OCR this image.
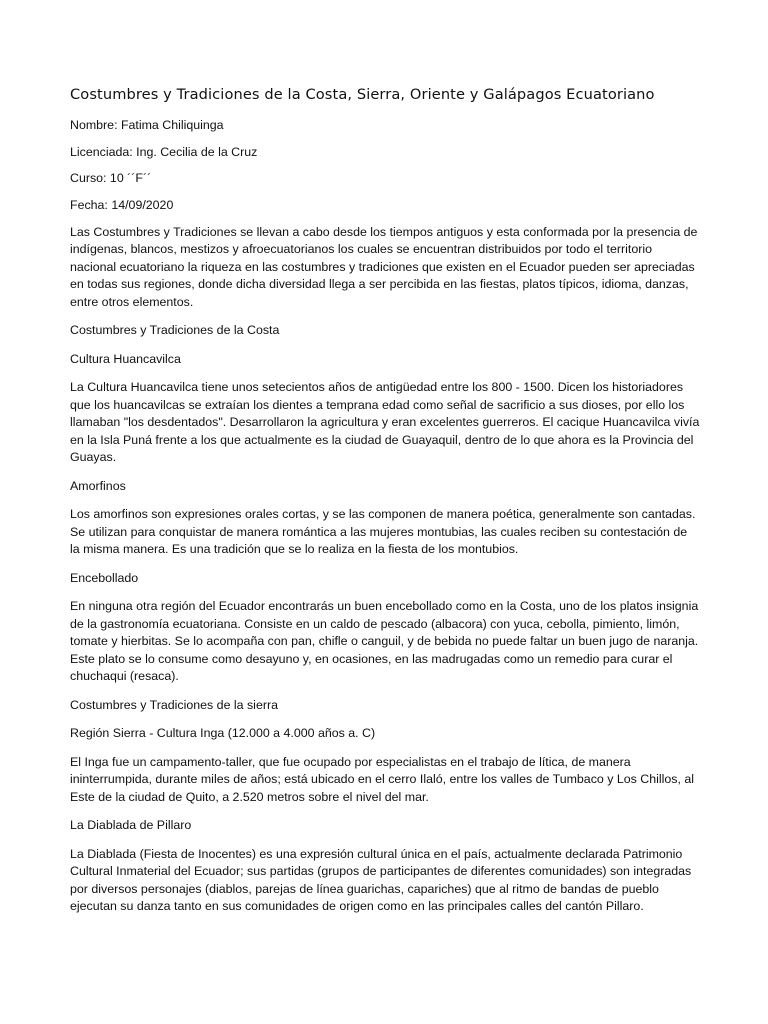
Costumbres y Tradiciones de la Costa, Sierra, Oriente y Galápagos Ecuatoriano

Nombre: Fatima Chiliquinga

Licenciada: Ing. Cecilia de la Cruz

Curso: 10 ´´F´´

Fecha: 14/09/2020

Las Costumbres y Tradiciones se llevan a cabo desde los tiempos antiguos y esta conformada por la presencia de indígenas, blancos, mestizos y afroecuatorianos los cuales se encuentran distribuidos por todo el territorio nacional ecuatoriano la riqueza en las costumbres y tradiciones que existen en el Ecuador pueden ser apreciadas en todas sus regiones, donde dicha diversidad llega a ser percibida en las fiestas, platos típicos, idioma, danzas, entre otros elementos.

Costumbres y Tradiciones de la Costa

Cultura Huancavilca

La Cultura Huancavilca tiene unos setecientos años de antigüedad entre los 800 - 1500. Dicen los historiadores que los huancavilcas se extraían los dientes a temprana edad como señal de sacrificio a sus dioses, por ello los llamaban "los desdentados". Desarrollaron la agricultura y eran excelentes guerreros. El cacique Huancavilca vivía en la Isla Puná frente a los que actualmente es la ciudad de Guayaquil, dentro de lo que ahora es la Provincia del Guayas.

Amorfinos

Los amorfinos son expresiones orales cortas, y se las componen de manera poética, generalmente son cantadas. Se utilizan para conquistar de manera romántica a las mujeres montubias, las cuales reciben su contestación de la misma manera. Es una tradición que se lo realiza en la fiesta de los montubios.

Encebollado

En ninguna otra región del Ecuador encontrarás un buen encebollado como en la Costa, uno de los platos insignia de la gastronomía ecuatoriana. Consiste en un caldo de pescado (albacora) con yuca, cebolla, pimiento, limón, tomate y hierbitas. Se lo acompaña con pan, chifle o canguil, y de bebida no puede faltar un buen jugo de naranja. Este plato se lo consume como desayuno y, en ocasiones, en las madrugadas como un remedio para curar el chuchaqui (resaca).

Costumbres y Tradiciones de la sierra

Región Sierra - Cultura Inga (12.000 a 4.000 años a. C)

El Inga fue un campamento-taller, que fue ocupado por especialistas en el trabajo de lítica, de manera ininterrumpida, durante miles de años; está ubicado en el cerro Ilaló, entre los valles de Tumbaco y Los Chillos, al Este de la ciudad de Quito, a 2.520 metros sobre el nivel del mar.

La Diablada de Pillaro

La Diablada (Fiesta de Inocentes) es una expresión cultural única en el país, actualmente declarada Patrimonio Cultural Inmaterial del Ecuador; sus partidas (grupos de participantes de diferentes comunidades) son integradas por diversos personajes (diablos, parejas de línea guarichas, capariches) que al ritmo de bandas de pueblo ejecutan su danza tanto en sus comunidades de origen como en las principales calles del cantón Pillaro.
